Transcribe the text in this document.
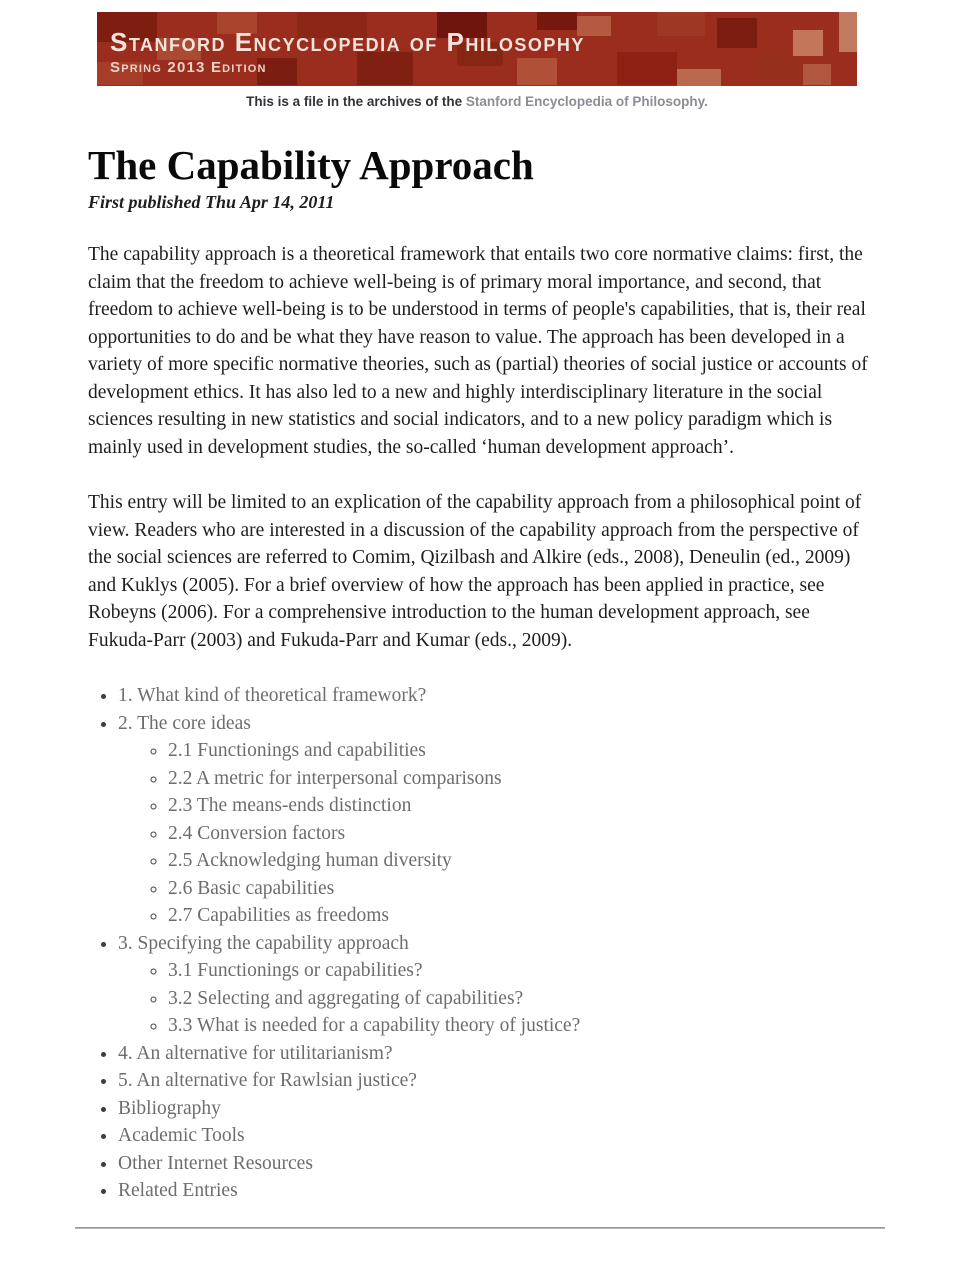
Stanford Encyclopedia of Philosophy
Spring 2013 Edition
This is a file in the archives of the Stanford Encyclopedia of Philosophy.
The Capability Approach
First published Thu Apr 14, 2011

The capability approach is a theoretical framework that entails two core normative claims: first, the claim that the freedom to achieve well-being is of primary moral importance, and second, that freedom to achieve well-being is to be understood in terms of people's capabilities, that is, their real opportunities to do and be what they have reason to value. The approach has been developed in a variety of more specific normative theories, such as (partial) theories of social justice or accounts of development ethics. It has also led to a new and highly interdisciplinary literature in the social sciences resulting in new statistics and social indicators, and to a new policy paradigm which is mainly used in development studies, the so-called ‘human development approach’.

This entry will be limited to an explication of the capability approach from a philosophical point of view. Readers who are interested in a discussion of the capability approach from the perspective of the social sciences are referred to Comim, Qizilbash and Alkire (eds., 2008), Deneulin (ed., 2009) and Kuklys (2005). For a brief overview of how the approach has been applied in practice, see Robeyns (2006). For a comprehensive introduction to the human development approach, see Fukuda-Parr (2003) and Fukuda-Parr and Kumar (eds., 2009).

• 1. What kind of theoretical framework?
• 2. The core ideas
◦ 2.1 Functionings and capabilities
◦ 2.2 A metric for interpersonal comparisons
◦ 2.3 The means-ends distinction
◦ 2.4 Conversion factors
◦ 2.5 Acknowledging human diversity
◦ 2.6 Basic capabilities
◦ 2.7 Capabilities as freedoms
• 3. Specifying the capability approach
◦ 3.1 Functionings or capabilities?
◦ 3.2 Selecting and aggregating of capabilities?
◦ 3.3 What is needed for a capability theory of justice?
• 4. An alternative for utilitarianism?
• 5. An alternative for Rawlsian justice?
• Bibliography
• Academic Tools
• Other Internet Resources
• Related Entries
